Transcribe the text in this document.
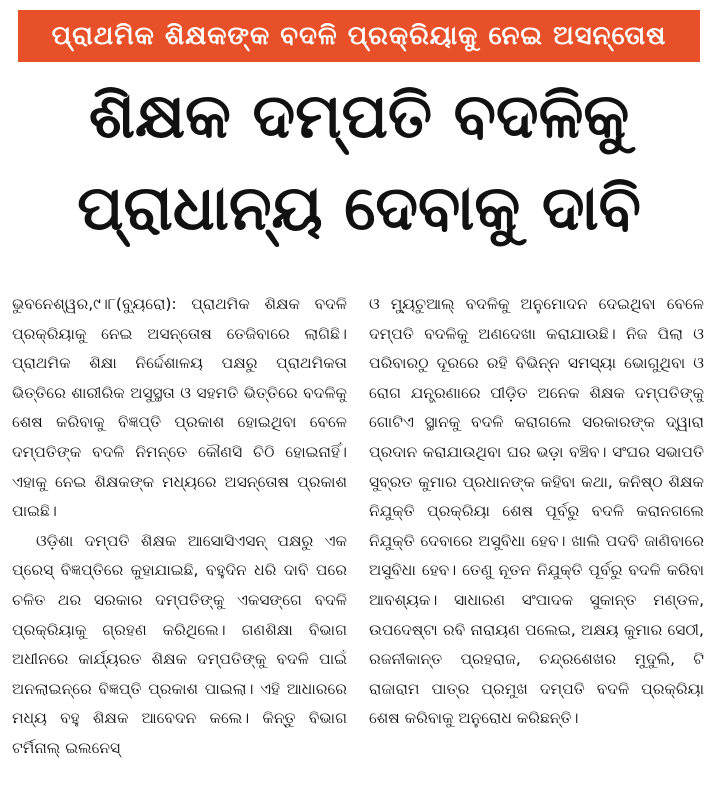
ପ୍ରାଥମିକ ଶିକ୍ଷକଙ୍କ ବଦଳି ପ୍ରକ୍ରିୟାକୁ ନେଇ ଅସନ୍ତୋଷ
ଶିକ୍ଷକ ଦମ୍ପତି ବଦଳିକୁ
ପ୍ରାଧାନ୍ୟ ଦେବାକୁ ଦାବି

ଭୁବନେଶ୍ୱର,୯।୮(ବ୍ୟୁରୋ): ପ୍ରାଥମିକ ଶିକ୍ଷକ ବଦଳି ପ୍ରକ୍ରିୟାକୁ ନେଇ ଅସନ୍ତୋଷ ତେଜିବାରେ ଲାଗିଛି। ପ୍ରାଥମିକ ଶିକ୍ଷା ନିର୍ଦ୍ଦେଶାଳୟ ପକ୍ଷରୁ ପ୍ରାଥମିକତା ଭିତ୍ତିରେ ଶାରୀରିକ ଅସୁସ୍ଥତା ଓ ସହମତି ଭିତ୍ତିରେ ବଦଳିକୁ ଶେଷ କରିବାକୁ ବିଜ୍ଞପ୍ତି ପ୍ରକାଶ ହୋଇଥିବା ବେଳେ ଦମ୍ପତିଙ୍କ ବଦଳି ନିମନ୍ତେ କୌଣସି ଚିଠି ହୋଇନାହିଁ। ଏହାକୁ ନେଇ ଶିକ୍ଷକଙ୍କ ମଧ୍ୟରେ ଅସନ୍ତୋଷ ପ୍ରକାଶ ପାଇଛି।

ଓଡ଼ିଶା ଦମ୍ପତି ଶିକ୍ଷକ ଆସୋସିଏସନ୍ ପକ୍ଷରୁ ଏକ ପ୍ରେସ୍ ବିଜ୍ଞପ୍ତିରେ କୁହାଯାଇଛି, ବହୁଦିନ ଧରି ଦାବି ପରେ ଚଳିତ ଥର ସରକାର ଦମ୍ପତିଙ୍କୁ ଏକସଙ୍ଗେ ବଦଳି ପ୍ରକ୍ରିୟାକୁ ଗ୍ରହଣ କରିଥିଲେ। ଗଣଶିକ୍ଷା ବିଭାଗ ଅଧୀନରେ କାର୍ଯ୍ୟରତ ଶିକ୍ଷକ ଦମ୍ପତିଙ୍କୁ ବଦଳି ପାଇଁ ଅନଲାଇନ୍‌ରେ ବିଜ୍ଞପ୍ତି ପ୍ରକାଶ ପାଇଲା। ଏହି ଆଧାରରେ ମଧ୍ୟ ବହୁ ଶିକ୍ଷକ ଆବେଦନ କଲେ। କିନ୍ତୁ ବିଭାଗ ଟର୍ମିନାଲ୍ ଇଲନେସ୍

ଓ ମ୍ୟୁଚୁଆଲ୍ ବଦଳିକୁ ଅନୁମୋଦନ ଦେଇଥିବା ବେଳେ ଦମ୍ପତି ବଦଳିକୁ ଅଣଦେଖା କରାଯାଉଛି। ନିଜ ପିଲା ଓ ପରିବାରଠୁ ଦୂରରେ ରହି ବିଭିନ୍ନ ସମସ୍ୟା ଭୋଗୁଥିବା ଓ ରୋଗ ଯନ୍ତ୍ରଣାରେ ପୀଡ଼ିତ ଅନେକ ଶିକ୍ଷକ ଦମ୍ପତିଙ୍କୁ ଗୋଟିଏ ସ୍ଥାନକୁ ବଦଳି କରାଗଲେ ସରକାରଙ୍କ ଦ୍ୱାରା ପ୍ରଦାନ କରାଯାଉଥିବା ଘର ଭଡ଼ା ବଞ୍ଚିବ। ସଂଘର ସଭାପତି ସୁବ୍ରତ କୁମାର ପ୍ରଧାନଙ୍କ କହିବା କଥା, କନିଷ୍ଠ ଶିକ୍ଷକ ନିଯୁକ୍ତି ପ୍ରକ୍ରିୟା ଶେଷ ପୂର୍ବରୁ ବଦଳି କରାନଗଲେ ନିଯୁକ୍ତି ଦେବାରେ ଅସୁବିଧା ହେବ। ଖାଲି ପଦବି ଜାଣିବାରେ ଅସୁବିଧା ହେବ। ତେଣୁ ନୂତନ ନିଯୁକ୍ତି ପୂର୍ବରୁ ବଦଳି କରିବା ଆବଶ୍ୟକ। ସାଧାରଣ ସଂପାଦକ ସୁକାନ୍ତ ମଣ୍ଡଳ, ଉପଦେଷ୍ଟା ରବି ନାରାୟଣ ପଲେଇ, ଅକ୍ଷୟ କୁମାର ସେଠୀ, ରଜନୀକାନ୍ତ ପ୍ରହରାଜ, ଚନ୍ଦ୍ରଶେଖର ମୁଦୁଲି, ଟି ରାଜାରାମ ପାତ୍ର ପ୍ରମୁଖ ଦମ୍ପତି ବଦଳି ପ୍ରକ୍ରିୟା ଶେଷ କରିବାକୁ ଅନୁରୋଧ କରିଛନ୍ତି।
